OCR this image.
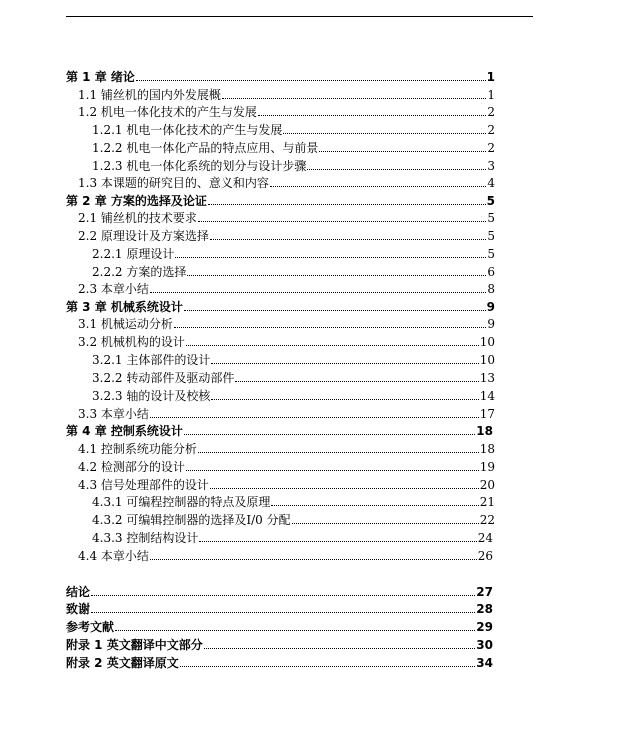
第 1 章 绪论	1
1.1 铺丝机的国内外发展概	1
1.2 机电一体化技术的产生与发展	2
1.2.1 机电一体化技术的产生与发展	2
1.2.2 机电一体化产品的特点应用、与前景	2
1.2.3 机电一体化系统的划分与设计步骤	3
1.3 本课题的研究目的、意义和内容	4
第 2 章 方案的选择及论证	5
2.1 铺丝机的技术要求	5
2.2 原理设计及方案选择	5
2.2.1 原理设计	5
2.2.2 方案的选择	6
2.3 本章小结	8
第 3 章 机械系统设计	9
3.1 机械运动分析	9
3.2 机械机构的设计	10
3.2.1 主体部件的设计	10
3.2.2 转动部件及驱动部件	13
3.2.3 轴的设计及校核	14
3.3 本章小结	17
第 4 章 控制系统设计	18
4.1 控制系统功能分析	18
4.2 检测部分的设计	19
4.3 信号处理部件的设计	20
4.3.1 可编程控制器的特点及原理	21
4.3.2 可编辑控制器的选择及Ⅰ/0 分配	22
4.3.3 控制结构设计	24
4.4 本章小结	26
结论	27
致谢	28
参考文献	29
附录 1 英文翻译中文部分	30
附录 2 英文翻译原文	34
